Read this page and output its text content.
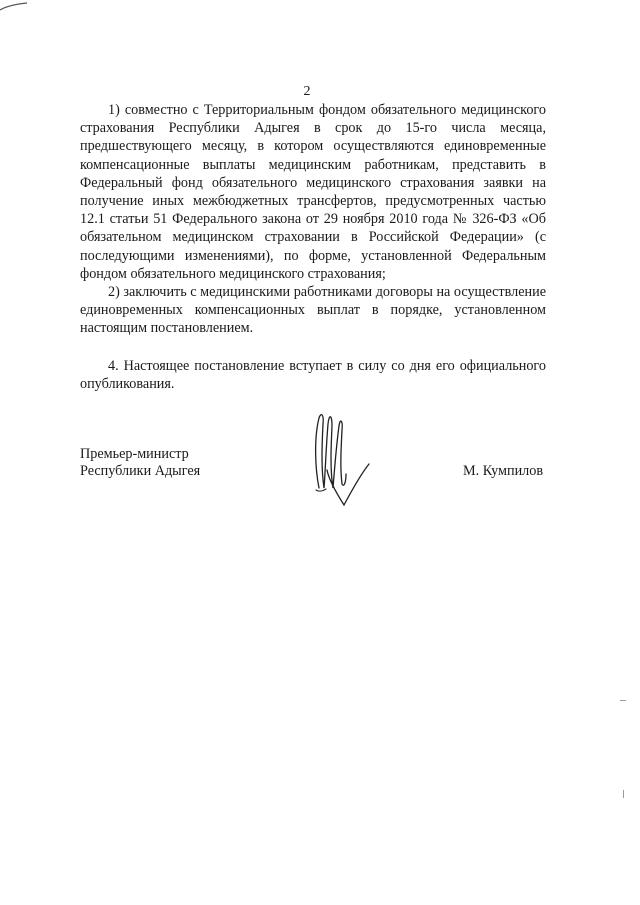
2

1) совместно с Территориальным фондом обязательного медицинского страхования Республики Адыгея в срок до 15-го числа месяца, предшествующего месяцу, в котором осуществляются единовременные компенсационные выплаты медицинским работникам, представить в Федеральный фонд обязательного медицинского страхования заявки на получение иных межбюджетных трансфертов, предусмотренных частью 12.1 статьи 51 Федерального закона от 29 ноября 2010 года № 326-ФЗ «Об обязательном медицинском страховании в Российской Федерации» (с последующими изменениями), по форме, установленной Федеральным фондом обязательного медицинского страхования;

2) заключить с медицинскими работниками договоры на осуществление единовременных компенсационных выплат в порядке, установленном настоящим постановлением.

4. Настоящее постановление вступает в силу со дня его официального опубликования.

Премьер-министр
Республики Адыгея	М. Кумпилов
